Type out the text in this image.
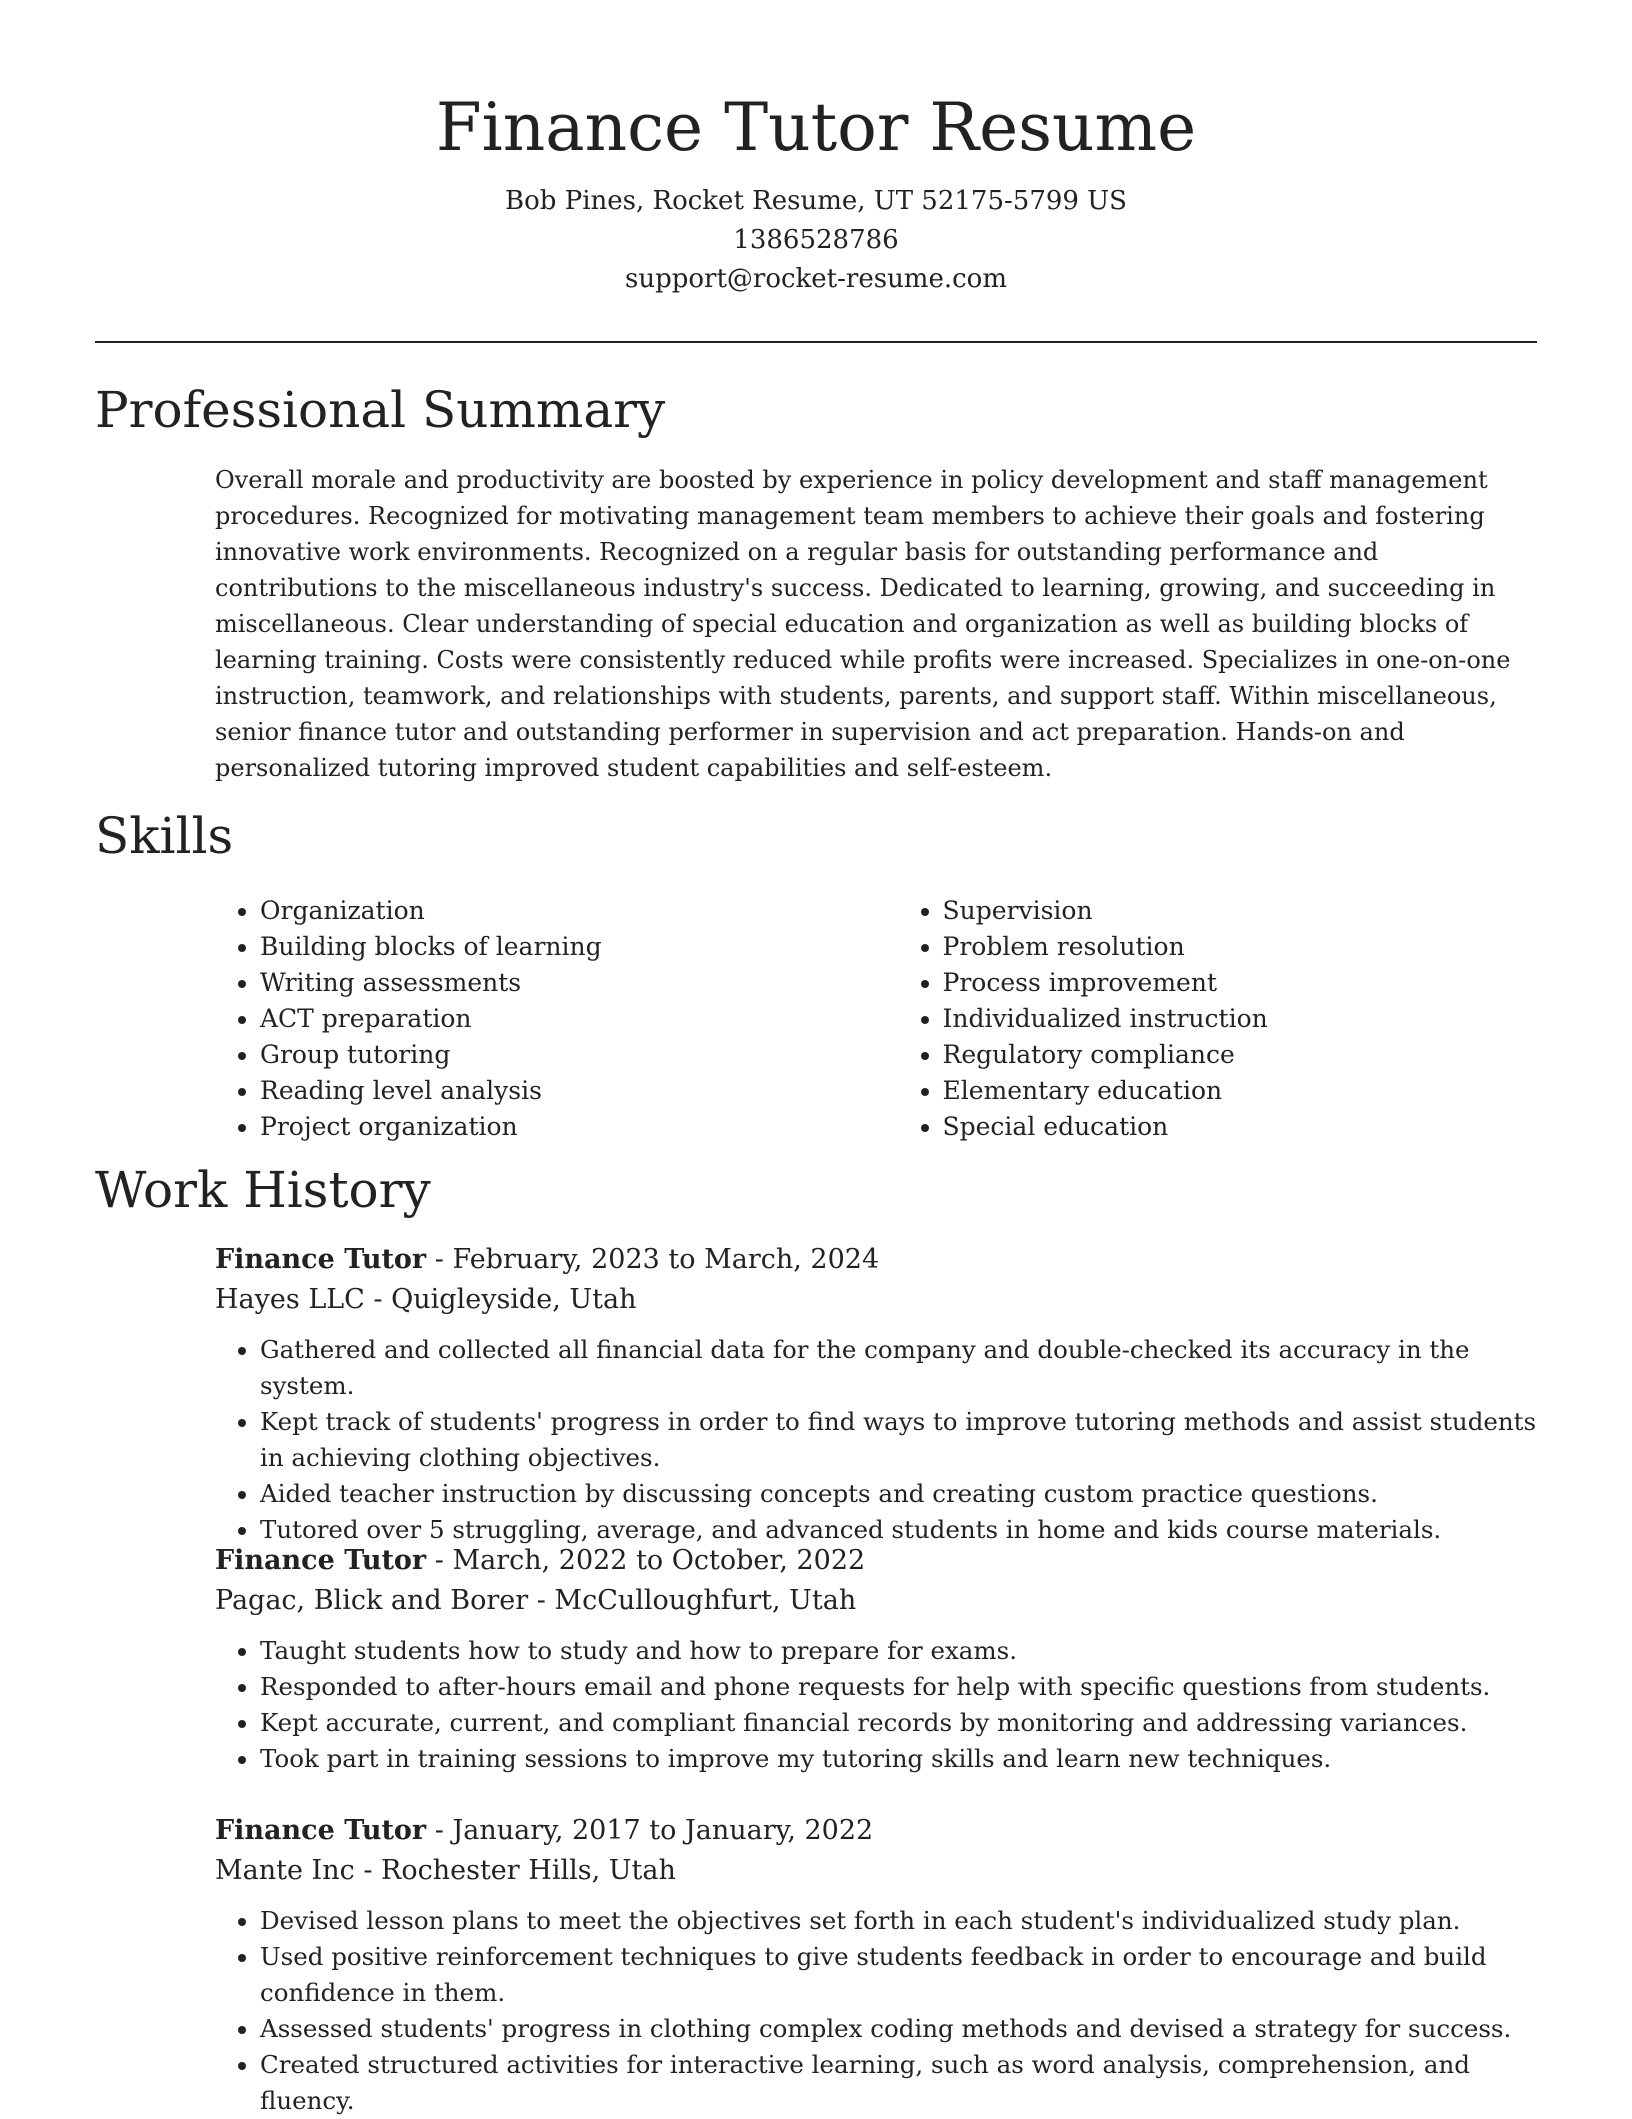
Finance Tutor Resume
Bob Pines, Rocket Resume, UT 52175-5799 US
1386528786
support@rocket-resume.com
Professional Summary

Overall morale and productivity are boosted by experience in policy development and staff management procedures. Recognized for motivating management team members to achieve their goals and fostering innovative work environments. Recognized on a regular basis for outstanding performance and contributions to the miscellaneous industry's success. Dedicated to learning, growing, and succeeding in miscellaneous. Clear understanding of special education and organization as well as building blocks of learning training. Costs were consistently reduced while profits were increased. Specializes in one-on-one instruction, teamwork, and relationships with students, parents, and support staff. Within miscellaneous, senior finance tutor and outstanding performer in supervision and act preparation. Hands-on and personalized tutoring improved student capabilities and self-esteem.

Skills
• Organization
• Building blocks of learning
• Writing assessments
• ACT preparation
• Group tutoring
• Reading level analysis
• Project organization
• Supervision
• Problem resolution
• Process improvement
• Individualized instruction
• Regulatory compliance
• Elementary education
• Special education
Work History

Finance Tutor - February, 2023 to March, 2024

Hayes LLC - Quigleyside, Utah

• Gathered and collected all financial data for the company and double-checked its accuracy in the system.
• Kept track of students' progress in order to find ways to improve tutoring methods and assist students in achieving clothing objectives.
• Aided teacher instruction by discussing concepts and creating custom practice questions.
• Tutored over 5 struggling, average, and advanced students in home and kids course materials.

Finance Tutor - March, 2022 to October, 2022

Pagac, Blick and Borer - McCulloughfurt, Utah

• Taught students how to study and how to prepare for exams.
• Responded to after-hours email and phone requests for help with specific questions from students.
• Kept accurate, current, and compliant financial records by monitoring and addressing variances.
• Took part in training sessions to improve my tutoring skills and learn new techniques.

Finance Tutor - January, 2017 to January, 2022

Mante Inc - Rochester Hills, Utah

• Devised lesson plans to meet the objectives set forth in each student's individualized study plan.
• Used positive reinforcement techniques to give students feedback in order to encourage and build confidence in them.
• Assessed students' progress in clothing complex coding methods and devised a strategy for success.
• Created structured activities for interactive learning, such as word analysis, comprehension, and fluency.
